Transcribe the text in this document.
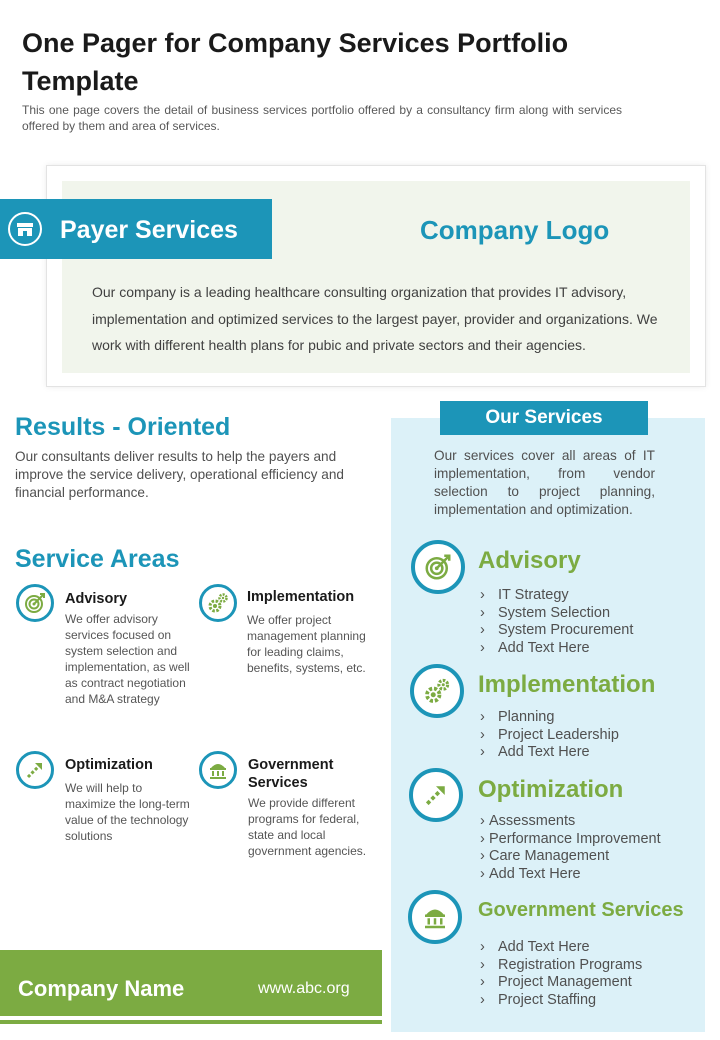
One Pager for Company Services Portfolio Template

This one page covers the detail of business services portfolio offered by a consultancy firm along with services offered by them and area of services.

Payer Services	Company Logo

Our company is a leading healthcare consulting organization that provides IT advisory, implementation and optimized services to the largest payer, provider and organizations. We work with different health plans for pubic and private sectors and their agencies.

Results - Oriented

Our consultants deliver results to help the payers and improve the service delivery, operational efficiency and financial performance.

Service Areas
Advisory

We offer advisory services focused on system selection and implementation, as well as contract negotiation and M&A strategy

Implementation

We offer project management planning for leading claims, benefits, systems, etc.

Optimization

We will help to maximize the long-term value of the technology solutions

Government Services

We provide different programs for federal, state and local government agencies.

Company Name	www.abc.org
Our Services

Our services cover all areas of IT implementation, from vendor selection to project planning, implementation and optimization.

Advisory
› IT Strategy
› System Selection
› System Procurement
› Add Text Here
Implementation
› Planning
› Project Leadership
› Add Text Here
Optimization
› Assessments
› Performance Improvement
› Care Management
› Add Text Here
Government Services
› Add Text Here
› Registration Programs
› Project Management
› Project Staffing
